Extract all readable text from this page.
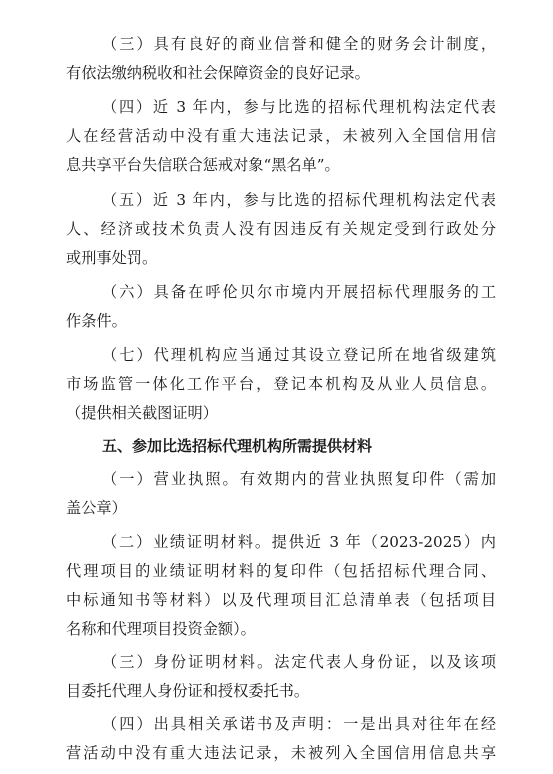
（三）具有良好的商业信誉和健全的财务会计制度，
有依法缴纳税收和社会保障资金的良好记录。
（四）近 3 年内，参与比选的招标代理机构法定代表
人在经营活动中没有重大违法记录，未被列入全国信用信
息共享平台失信联合惩戒对象“黑名单”。
（五）近 3 年内，参与比选的招标代理机构法定代表
人、经济或技术负责人没有因违反有关规定受到行政处分
或刑事处罚。
（六）具备在呼伦贝尔市境内开展招标代理服务的工
作条件。
（七）代理机构应当通过其设立登记所在地省级建筑
市场监管一体化工作平台，登记本机构及从业人员信息。
（提供相关截图证明）
五、参加比选招标代理机构所需提供材料
（一）营业执照。有效期内的营业执照复印件（需加
盖公章）
（二）业绩证明材料。提供近 3 年（2023-2025）内
代理项目的业绩证明材料的复印件（包括招标代理合同、
中标通知书等材料）以及代理项目汇总清单表（包括项目
名称和代理项目投资金额）。
（三）身份证明材料。法定代表人身份证，以及该项
目委托代理人身份证和授权委托书。
（四）出具相关承诺书及声明：一是出具对往年在经
营活动中没有重大违法记录，未被列入全国信用信息共享
